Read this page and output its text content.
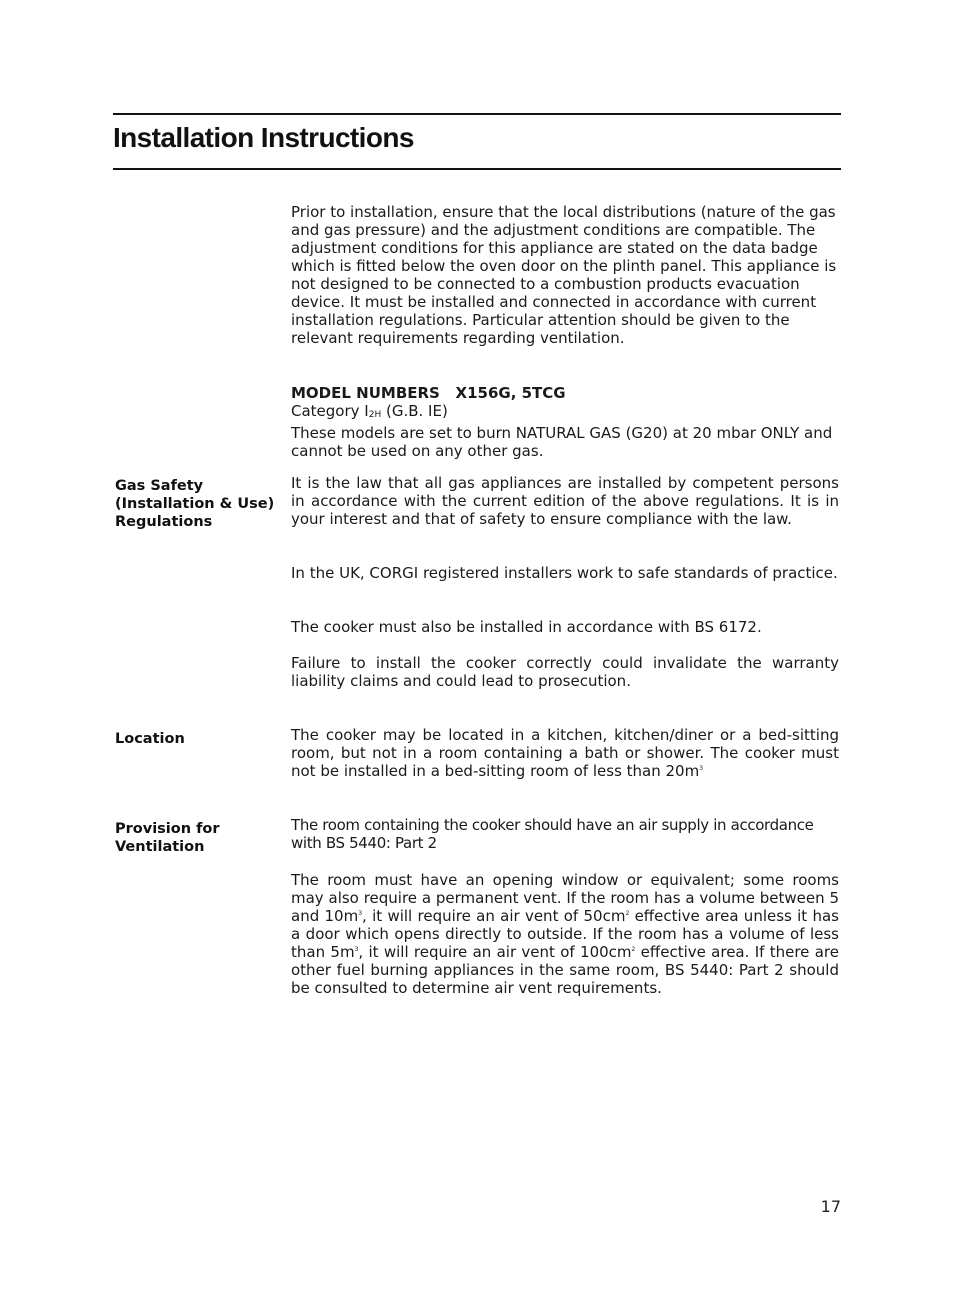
Installation Instructions

Prior to installation, ensure that the local distributions (nature of the gas and gas pressure) and the adjustment conditions are compatible. The adjustment conditions for this appliance are stated on the data badge which is fitted below the oven door on the plinth panel. This appliance is not designed to be connected to a combustion products evacuation device. It must be installed and connected in accordance with current installation regulations. Particular attention should be given to the relevant requirements regarding ventilation.

MODEL NUMBERS   X156G, 5TCG
Category I2H (G.B. IE)
These models are set to burn NATURAL GAS (G20) at 20 mbar ONLY and cannot be used on any other gas.
Gas Safety
(Installation & Use)
Regulations

It is the law that all gas appliances are installed by competent persons in accordance with the current edition of the above regulations. It is in your interest and that of safety to ensure compliance with the law.

In the UK, CORGI registered installers work to safe standards of practice.

The cooker must also be installed in accordance with BS 6172.

Failure to install the cooker correctly could invalidate the warranty liability claims and could lead to prosecution.

Location	The cooker may be located in a kitchen, kitchen/diner or a bed-sitting room, but not in a room containing a bath or shower. The cooker must not be installed in a bed-sitting room of less than $20m^3$

Provision for
Ventilation

The room containing the cooker should have an air supply in accordance with BS 5440: Part 2

The room must have an opening window or equivalent; some rooms may also require a permanent vent. If the room has a volume between 5 and $10m^3$, it will require an air vent of $50cm^2$ effective area unless it has a door which opens directly to outside. If the room has a volume of less than $5m^3$, it will require an air vent of $100cm^2$ effective area. If there are other fuel burning appliances in the same room, BS 5440: Part 2 should be consulted to determine air vent requirements.

17
